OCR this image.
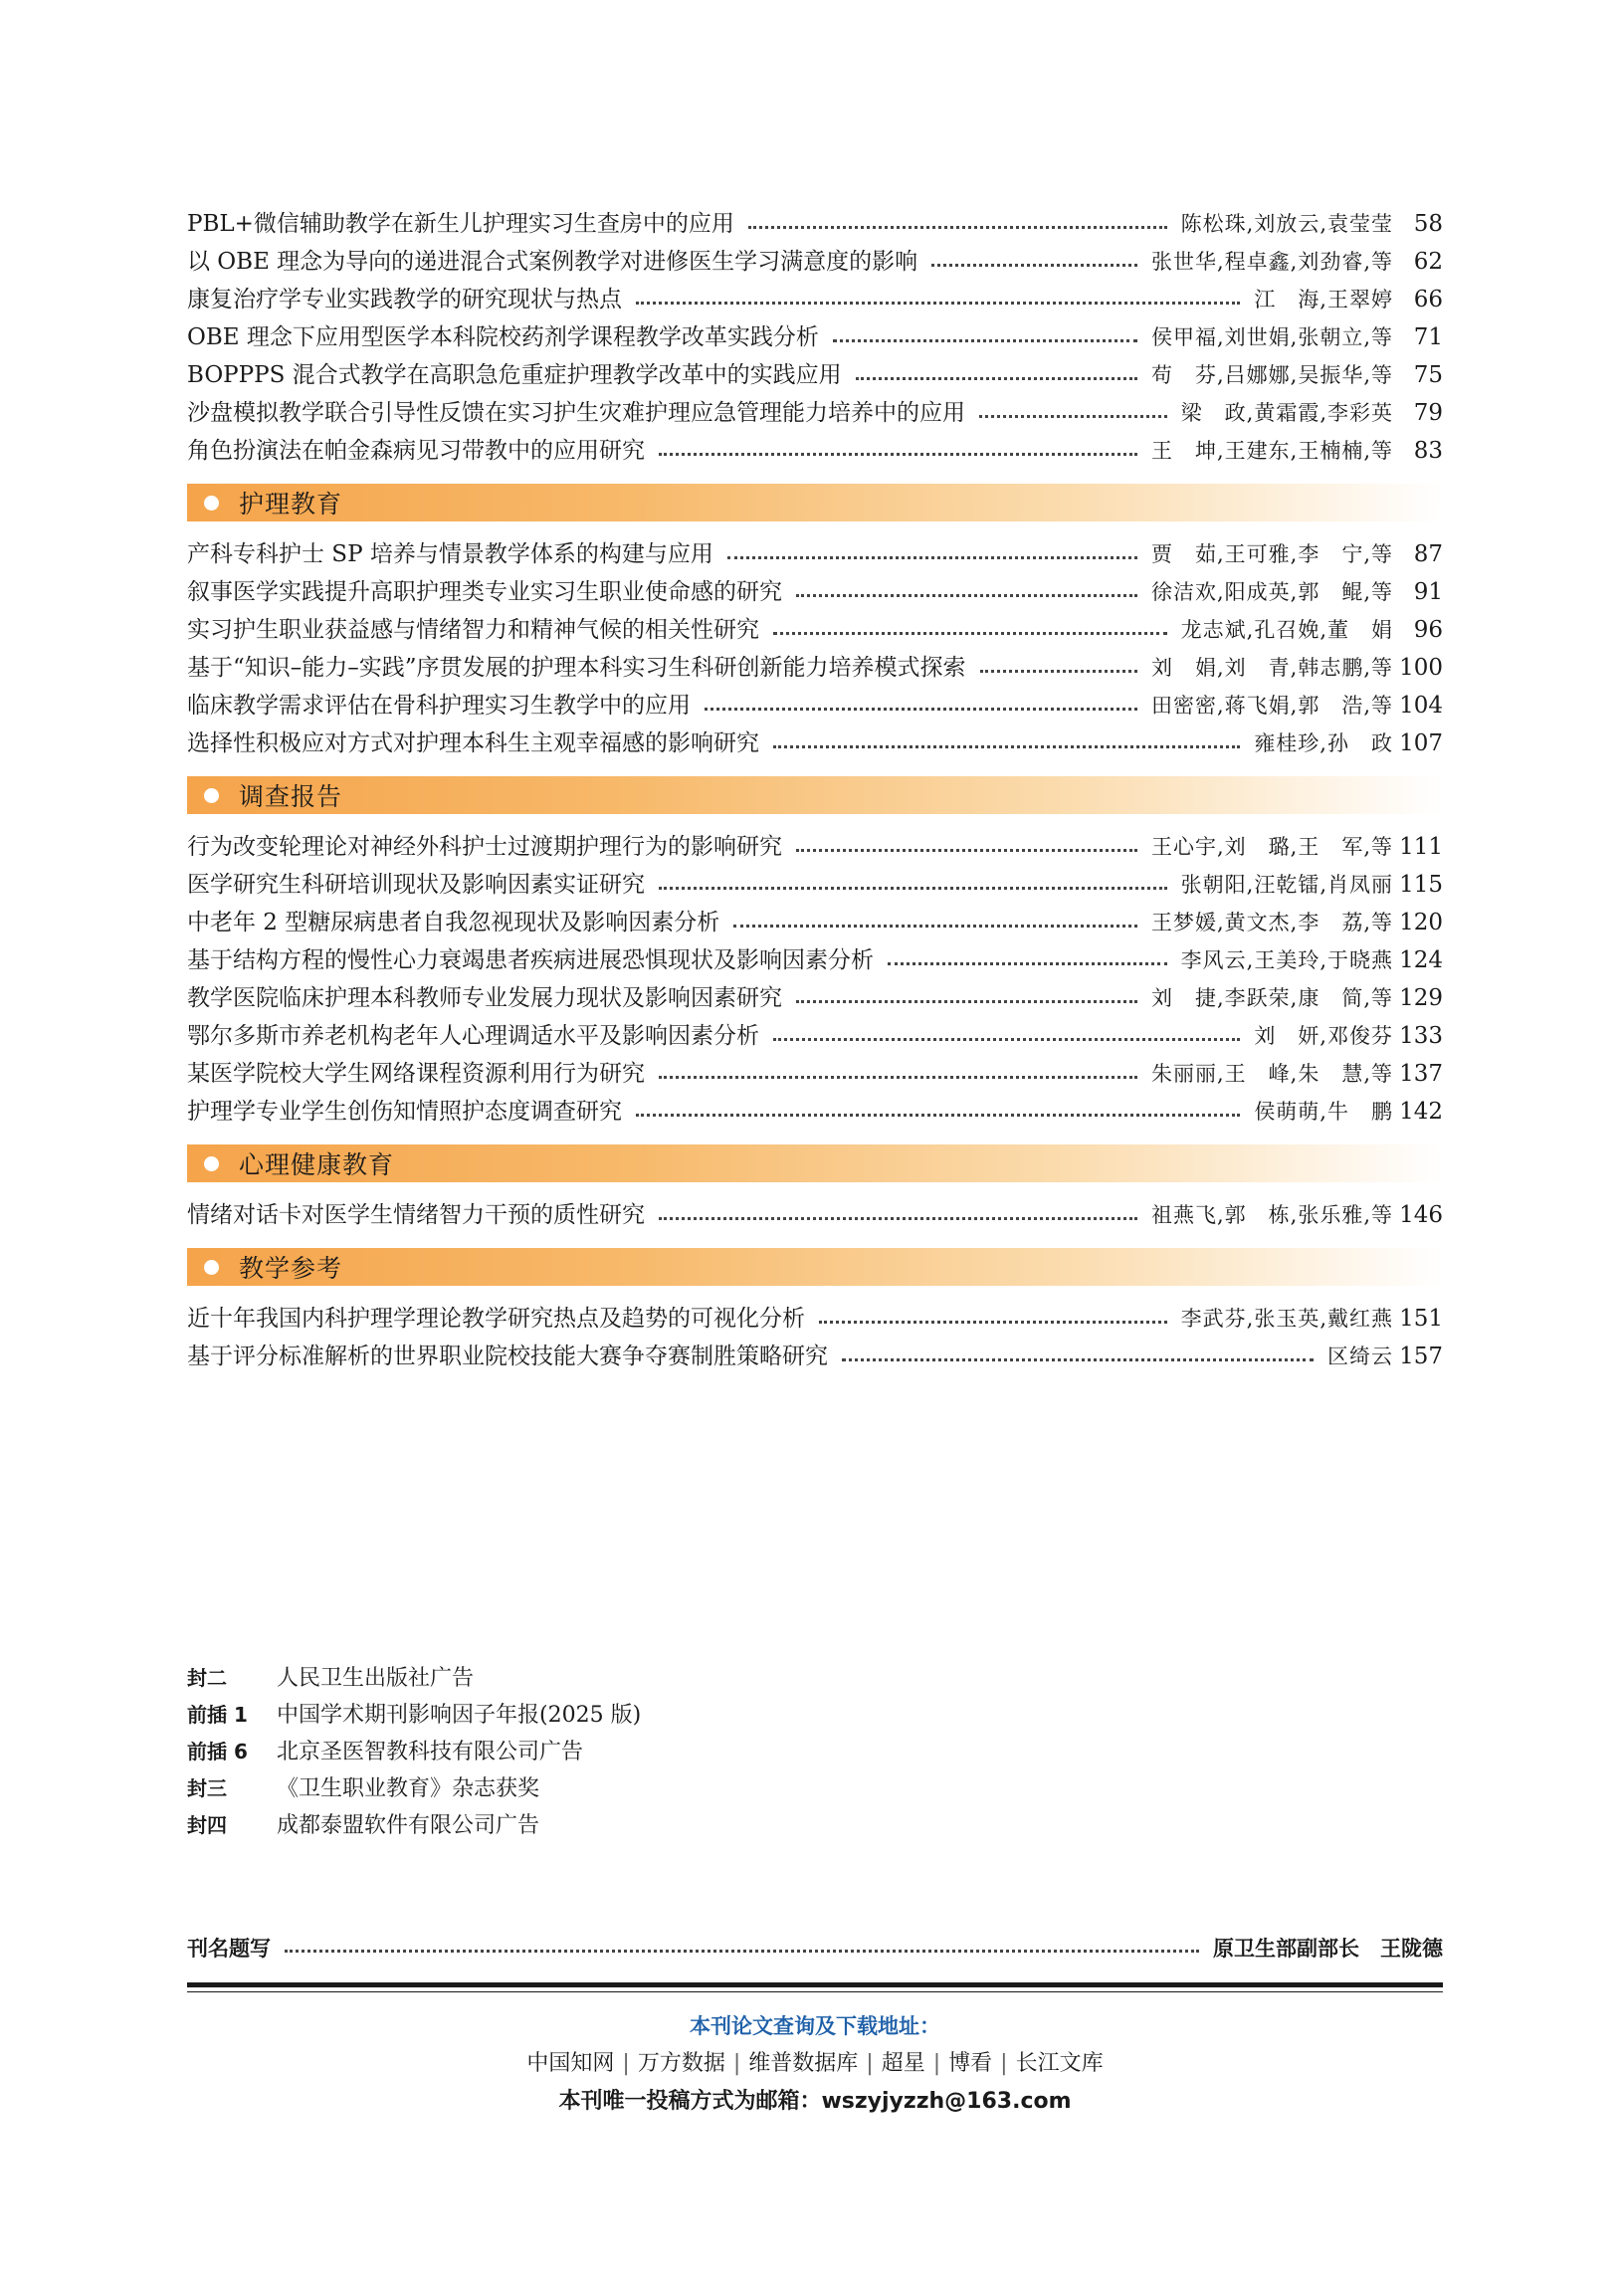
PBL+微信辅助教学在新生儿护理实习生查房中的应用	陈松珠,刘放云,袁莹莹 58
以 OBE 理念为导向的递进混合式案例教学对进修医生学习满意度的影响	张世华,程卓鑫,刘劲睿,等 62
康复治疗学专业实践教学的研究现状与热点	江　海,王翠婷 66
OBE 理念下应用型医学本科院校药剂学课程教学改革实践分析	侯甲福,刘世娟,张朝立,等 71
BOPPPS 混合式教学在高职急危重症护理教学改革中的实践应用	苟　芬,吕娜娜,吴振华,等 75
沙盘模拟教学联合引导性反馈在实习护生灾难护理应急管理能力培养中的应用	梁　政,黄霜霞,李彩英 79
角色扮演法在帕金森病见习带教中的应用研究	王　坤,王建东,王楠楠,等 83
护理教育
产科专科护士 SP 培养与情景教学体系的构建与应用	贾　茹,王可雅,李　宁,等 87
叙事医学实践提升高职护理类专业实习生职业使命感的研究	徐洁欢,阳成英,郭　鲲,等 91
实习护生职业获益感与情绪智力和精神气候的相关性研究	龙志斌,孔召娩,董　娟 96
基于“知识–能力–实践”序贯发展的护理本科实习生科研创新能力培养模式探索	刘　娟,刘　青,韩志鹏,等 100
临床教学需求评估在骨科护理实习生教学中的应用	田密密,蒋飞娟,郭　浩,等 104
选择性积极应对方式对护理本科生主观幸福感的影响研究	雍桂珍,孙　政 107
调查报告
行为改变轮理论对神经外科护士过渡期护理行为的影响研究	王心宇,刘　璐,王　军,等 111
医学研究生科研培训现状及影响因素实证研究	张朝阳,汪乾镭,肖凤丽 115
中老年 2 型糖尿病患者自我忽视现状及影响因素分析	王梦媛,黄文杰,李　荔,等 120
基于结构方程的慢性心力衰竭患者疾病进展恐惧现状及影响因素分析	李风云,王美玲,于晓燕 124
教学医院临床护理本科教师专业发展力现状及影响因素研究	刘　捷,李跃荣,康　简,等 129
鄂尔多斯市养老机构老年人心理调适水平及影响因素分析	刘　妍,邓俊芬 133
某医学院校大学生网络课程资源利用行为研究	朱丽丽,王　峰,朱　慧,等 137
护理学专业学生创伤知情照护态度调查研究	侯萌萌,牛　鹏 142
心理健康教育
情绪对话卡对医学生情绪智力干预的质性研究	祖燕飞,郭　栋,张乐雅,等 146
教学参考
近十年我国内科护理学理论教学研究热点及趋势的可视化分析	李武芬,张玉英,戴红燕 151
基于评分标准解析的世界职业院校技能大赛争夺赛制胜策略研究	区绮云 157
封二	人民卫生出版社广告
前插 1	中国学术期刊影响因子年报(2025 版)
前插 6	北京圣医智教科技有限公司广告
封三	《卫生职业教育》杂志获奖
封四	成都泰盟软件有限公司广告
刊名题写	原卫生部副部长　王陇德
本刊论文查询及下载地址：
中国知网 | 万方数据 | 维普数据库 | 超星 | 博看 | 长江文库
本刊唯一投稿方式为邮箱：wszyjyzzh@163.com
